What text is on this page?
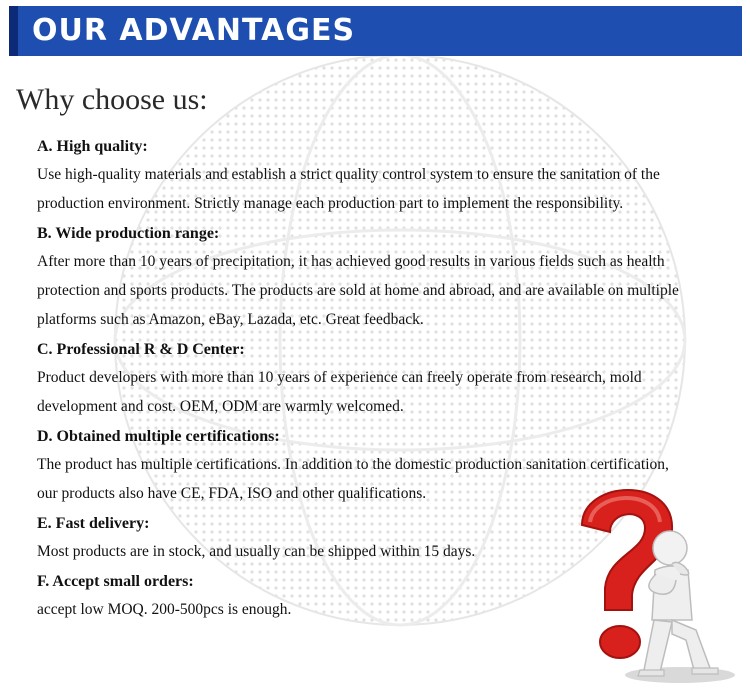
OUR ADVANTAGES
Why choose us:
A. High quality:
Use high-quality materials and establish a strict quality control system to ensure the sanitation of the
production environment. Strictly manage each production part to implement the responsibility.
B. Wide production range:
After more than 10 years of precipitation, it has achieved good results in various fields such as health
protection and sports products. The products are sold at home and abroad, and are available on multiple
platforms such as Amazon, eBay, Lazada, etc. Great feedback.
C. Professional R & D Center:
Product developers with more than 10 years of experience can freely operate from research, mold
development and cost. OEM, ODM are warmly welcomed.
D. Obtained multiple certifications:
The product has multiple certifications. In addition to the domestic production sanitation certification,
our products also have CE, FDA, ISO and other qualifications.
E. Fast delivery:
Most products are in stock, and usually can be shipped within 15 days.
F. Accept small orders:
accept low MOQ. 200-500pcs is enough.
